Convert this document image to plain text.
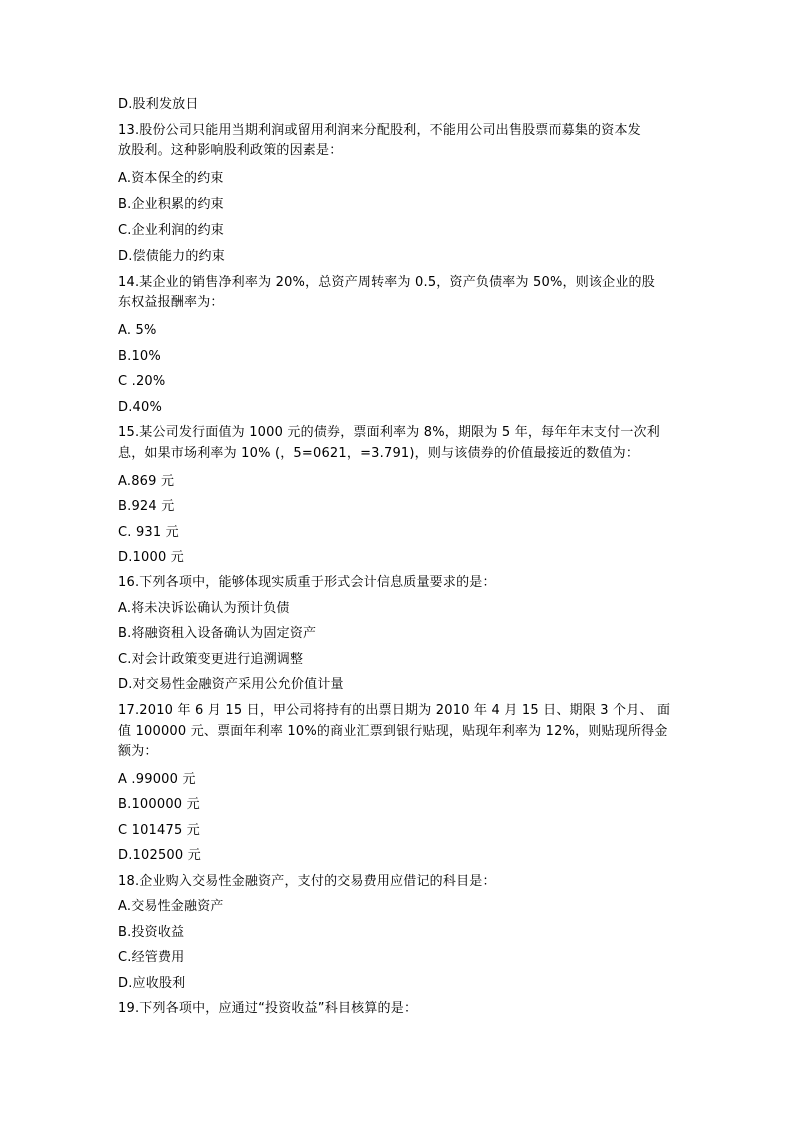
D.股利发放日
13.股份公司只能用当期利润或留用利润来分配股利，不能用公司出售股票而募集的资本发
放股利。这种影响股利政策的因素是：
A.资本保全的约束
B.企业积累的约束
C.企业利润的约束
D.偿债能力的约束
14.某企业的销售净利率为 20%，总资产周转率为 0.5，资产负债率为 50%，则该企业的股
东权益报酬率为：
A. 5%
B.10%
C .20%
D.40%
15.某公司发行面值为 1000 元的债券，票面利率为 8%，期限为 5 年，每年年末支付一次利
息，如果市场利率为 10% (，5=0621，=3.791)，则与该债券的价值最接近的数值为：
A.869 元
B.924 元
C. 931 元
D.1000 元
16.下列各项中，能够体现实质重于形式会计信息质量要求的是：
A.将未决诉讼确认为预计负债
B.将融资租入设备确认为固定资产
C.对会计政策变更进行追溯调整
D.对交易性金融资产采用公允价值计量
17.2010 年 6 月 15 日，甲公司将持有的出票日期为 2010 年 4 月 15 日、期限 3 个月、 面
值 100000 元、票面年利率 10%的商业汇票到银行贴现，贴现年利率为 12%，则贴现所得金
额为：
A .99000 元
B.100000 元
C 101475 元
D.102500 元
18.企业购入交易性金融资产，支付的交易费用应借记的科目是：
A.交易性金融资产
B.投资收益
C.经管费用
D.应收股利
19.下列各项中，应通过“投资收益”科目核算的是：
